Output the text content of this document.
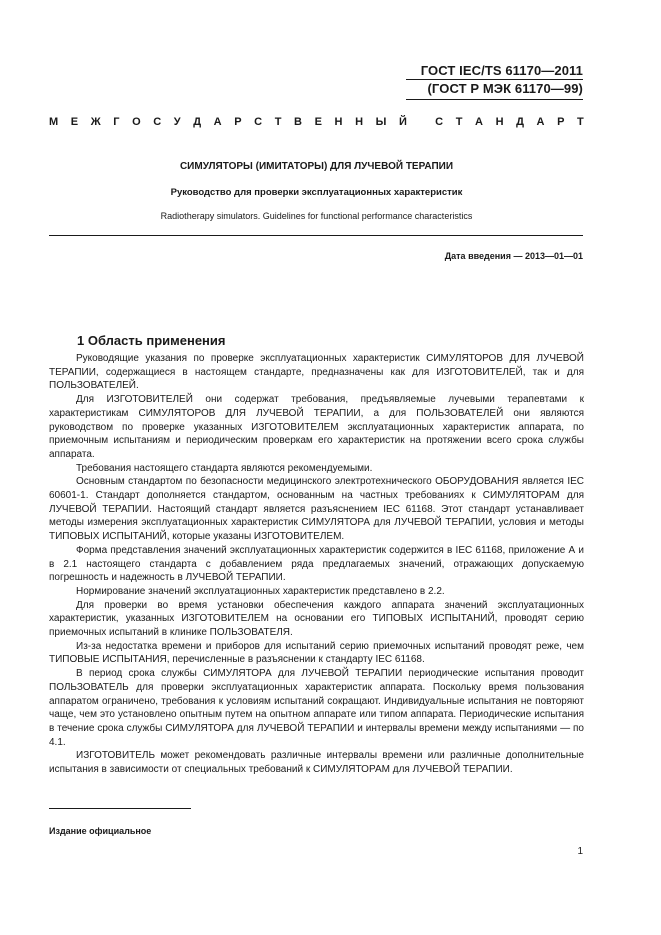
ГОСТ IEC/TS 61170—2011
(ГОСТ Р МЭК 61170—99)
М Е Ж Г О С У Д А Р С Т В Е Н Н Ы Й
	С Т А Н Д А Р Т
СИМУЛЯТОРЫ (ИМИТАТОРЫ) ДЛЯ ЛУЧЕВОЙ ТЕРАПИИ
Руководство для проверки эксплуатационных характеристик
Radiotherapy simulators. Guidelines for functional performance characteristics
Дата введения — 2013—01—01
1 Область применения

Руководящие указания по проверке эксплуатационных характеристик СИМУЛЯТОРОВ ДЛЯ ЛУЧЕВОЙ ТЕРАПИИ, содержащиеся в настоящем стандарте, предназначены как для ИЗГОТОВИТЕЛЕЙ, так и для ПОЛЬЗОВАТЕЛЕЙ.

Для ИЗГОТОВИТЕЛЕЙ они содержат требования, предъявляемые лучевыми терапевтами к характеристикам СИМУЛЯТОРОВ ДЛЯ ЛУЧЕВОЙ ТЕРАПИИ, а для ПОЛЬЗОВАТЕЛЕЙ они являются руководством по проверке указанных ИЗГОТОВИТЕЛЕМ эксплуатационных характеристик аппарата, по приемочным испытаниям и периодическим проверкам его характеристик на протяжении всего срока службы аппарата.

Требования настоящего стандарта являются рекомендуемыми.

Основным стандартом по безопасности медицинского электротехнического ОБОРУДОВАНИЯ является IEC 60601-1. Стандарт дополняется стандартом, основанным на частных требованиях к СИМУЛЯТОРАМ для ЛУЧЕВОЙ ТЕРАПИИ. Настоящий стандарт является разъяснением IEC 61168. Этот стандарт устанавливает методы измерения эксплуатационных характеристик СИМУЛЯТОРА для ЛУЧЕВОЙ ТЕРАПИИ, условия и методы ТИПОВЫХ ИСПЫТАНИЙ, которые указаны ИЗГОТОВИТЕЛЕМ.

Форма представления значений эксплуатационных характеристик содержится в IEC 61168, приложение А и в 2.1 настоящего стандарта с добавлением ряда предлагаемых значений, отражающих допускаемую погрешность и надежность в ЛУЧЕВОЙ ТЕРАПИИ.

Нормирование значений эксплуатационных характеристик представлено в 2.2.

Для проверки во время установки обеспечения каждого аппарата значений эксплуатационных характеристик, указанных ИЗГОТОВИТЕЛЕМ на основании его ТИПОВЫХ ИСПЫТАНИЙ, проводят серию приемочных испытаний в клинике ПОЛЬЗОВАТЕЛЯ.

Из-за недостатка времени и приборов для испытаний серию приемочных испытаний проводят реже, чем ТИПОВЫЕ ИСПЫТАНИЯ, перечисленные в разъяснении к стандарту IEC 61168.

В период срока службы СИМУЛЯТОРА для ЛУЧЕВОЙ ТЕРАПИИ периодические испытания проводит ПОЛЬЗОВАТЕЛЬ для проверки эксплуатационных характеристик аппарата. Поскольку время пользования аппаратом ограничено, требования к условиям испытаний сокращают. Индивидуальные испытания не повторяют чаще, чем это установлено опытным путем на опытном аппарате или типом аппарата. Периодические испытания в течение срока службы СИМУЛЯТОРА для ЛУЧЕВОЙ ТЕРАПИИ и интервалы времени между испытаниями — по 4.1.

ИЗГОТОВИТЕЛЬ может рекомендовать различные интервалы времени или различные дополнительные испытания в зависимости от специальных требований к СИМУЛЯТОРАМ для ЛУЧЕВОЙ ТЕРАПИИ.

Издание официальное
1
